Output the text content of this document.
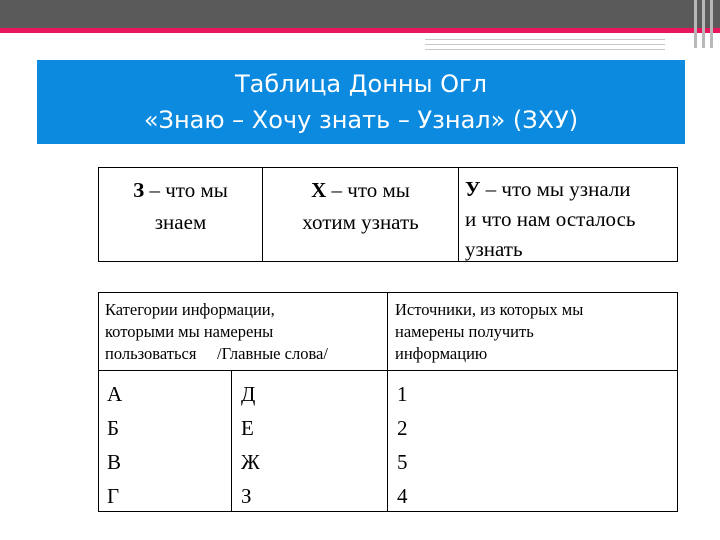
Таблица Донны Огл
«Знаю – Хочу знать – Узнал» (ЗХУ)
З – что мы
знаем
Х – что мы
хотим узнать
У – что мы узнали
и что нам осталось
узнать
Категории информации,
которыми мы намерены
пользоваться     /Главные слова/
Источники, из которых мы
намерены получить
информацию
А
Б
В
Г
Д
Е
Ж
З
1
2
5
4
